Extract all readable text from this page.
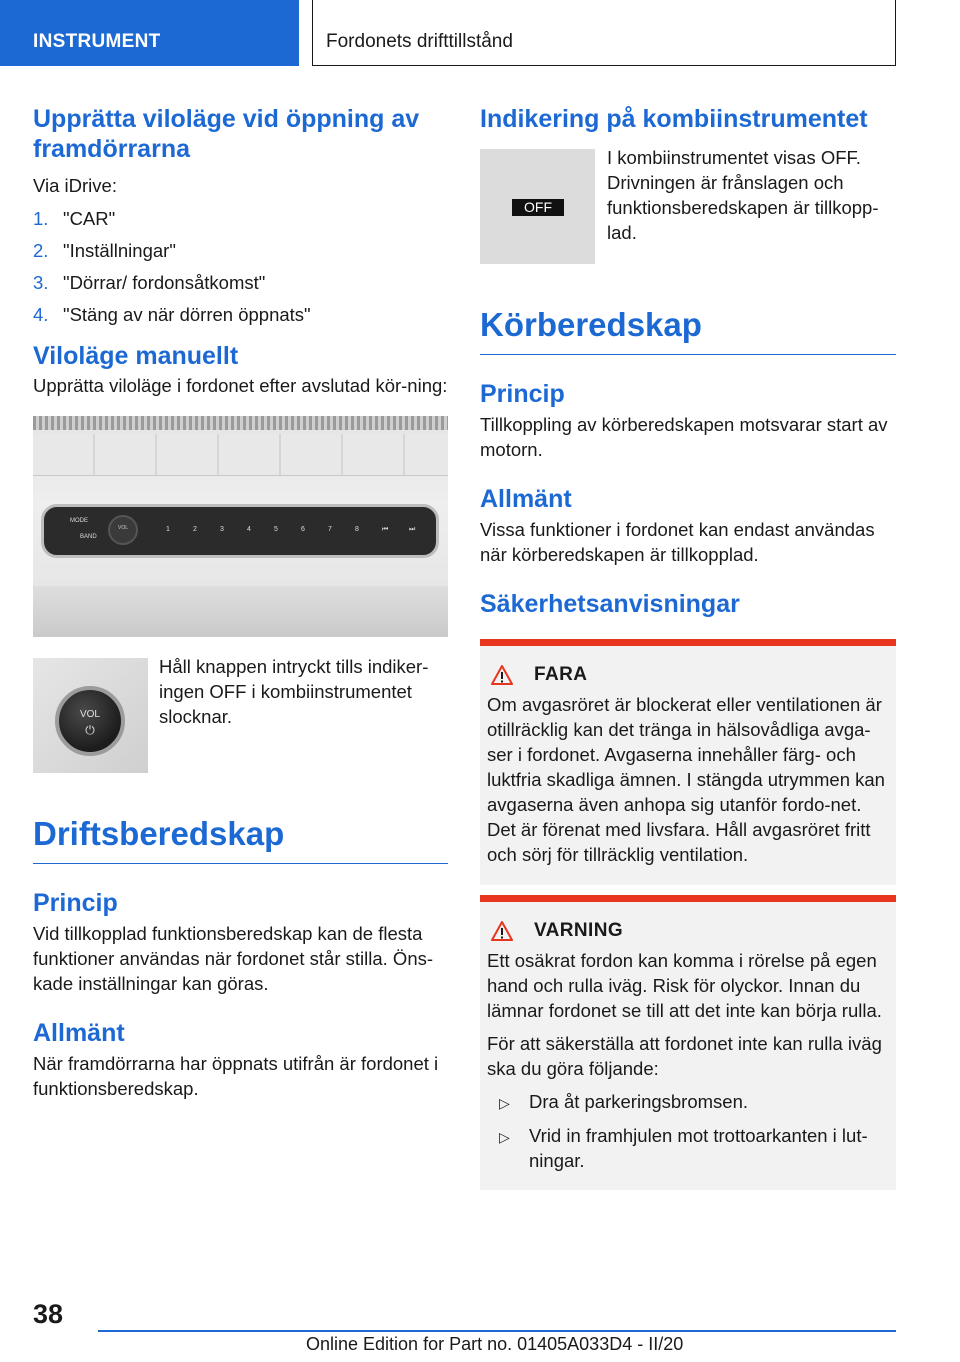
INSTRUMENT	Fordonets drifttillstånd
Upprätta viloläge vid öppning av framdörrarna
Via iDrive:
1. "CAR"
2. "Inställningar"
3. "Dörrar/ fordonsåtkomst"
4. "Stäng av när dörren öppnats"
Viloläge manuellt
Upprätta viloläge i fordonet efter avslutad kör-ning:
MODE
BAND
VOL	1	2	3	4	5	6	7	8	⏮	⏭
VOL
⏻
Håll knappen intryckt tills indiker-ingen OFF i kombiinstrumentet slocknar.
Driftsberedskap
Princip
Vid tillkopplad funktionsberedskap kan de flesta funktioner användas när fordonet står stilla. Öns-kade inställningar kan göras.
Allmänt
När framdörrarna har öppnats utifrån är fordonet i funktionsberedskap.
Indikering på kombiinstrumentet
OFF
I kombiinstrumentet visas OFF. Drivningen är frånslagen och funktionsberedskapen är tillkopp-lad.
Körberedskap
Princip
Tillkoppling av körberedskapen motsvarar start av motorn.
Allmänt
Vissa funktioner i fordonet kan endast användas när körberedskapen är tillkopplad.
Säkerhetsanvisningar
FARA
Om avgasröret är blockerat eller ventilationen är otillräcklig kan det tränga in hälsovådliga avga-ser i fordonet. Avgaserna innehåller färg- och luktfria skadliga ämnen. I stängda utrymmen kan avgaserna även anhopa sig utanför fordo-net. Det är förenat med livsfara. Håll avgasröret fritt och sörj för tillräcklig ventilation.
VARNING
Ett osäkrat fordon kan komma i rörelse på egen hand och rulla iväg. Risk för olyckor. Innan du lämnar fordonet se till att det inte kan börja rulla.
För att säkerställa att fordonet inte kan rulla iväg ska du göra följande:
▷	Dra åt parkeringsbromsen.
▷	Vrid in framhjulen mot trottoarkanten i lut-ningar.
38
Online Edition for Part no. 01405A033D4 - II/20
